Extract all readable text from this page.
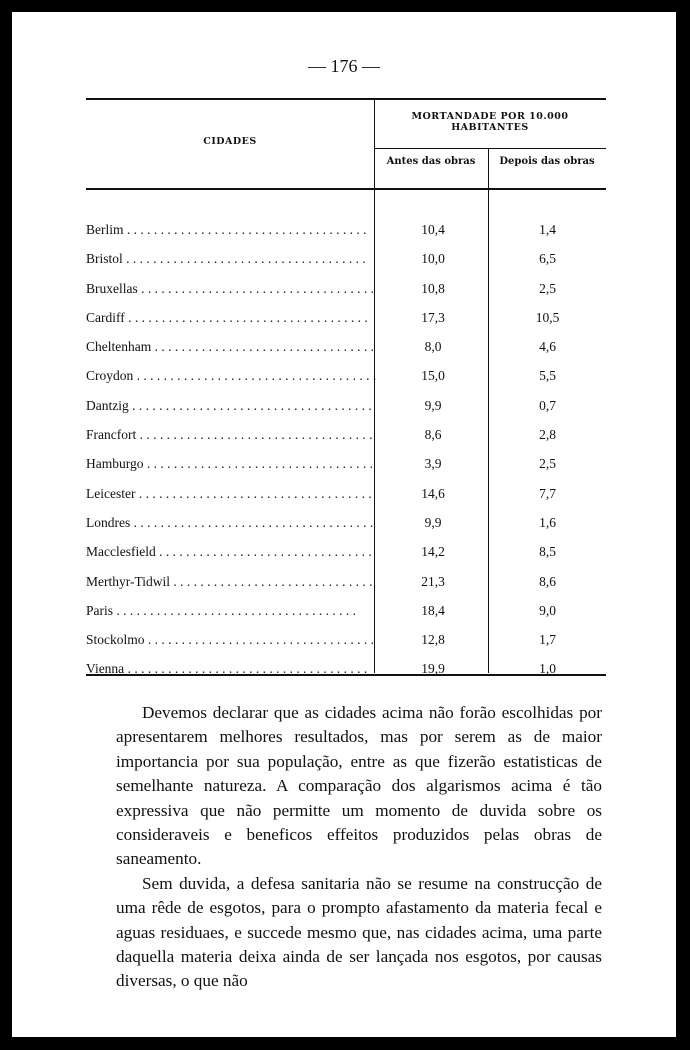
— 176 —
CIDADES
MORTANDADE POR 10.000 HABITANTES
Antes das obras	Depois das obras
Berlim . . .	10,4	1,4
Bristol . . .	10,0	6,5
Bruxellas . . .	10,8	2,5
Cardiff . . .	17,3	10,5
Cheltenham . . .	8,0	4,6
Croydon . . .	15,0	5,5
Dantzig . . .	9,9	0,7
Francfort . . .	8,6	2,8
Hamburgo . . .	3,9	2,5
Leicester . . .	14,6	7,7
Londres . . .	9,9	1,6
Macclesfield . . .	14,2	8,5
Merthyr-Tidwil . . .	21,3	8,6
Paris . . .	18,4	9,0
Stockolmo . . .	12,8	1,7
Vienna . . .	19,9	1,0

Devemos declarar que as cidades acima não forão escolhidas por apresentarem melhores resultados, mas por serem as de maior importancia por sua população, entre as que fizerão estatisticas de semelhante natureza. A comparação dos algarismos acima é tão expressiva que não permitte um momento de duvida sobre os consideraveis e beneficos effeitos produzidos pelas obras de saneamento.

Sem duvida, a defesa sanitaria não se resume na construcção de uma rêde de esgotos, para o prompto afastamento da materia fecal e aguas residuaes, e succede mesmo que, nas cidades acima, uma parte daquella materia deixa ainda de ser lançada nos esgotos, por causas diversas, o que não
